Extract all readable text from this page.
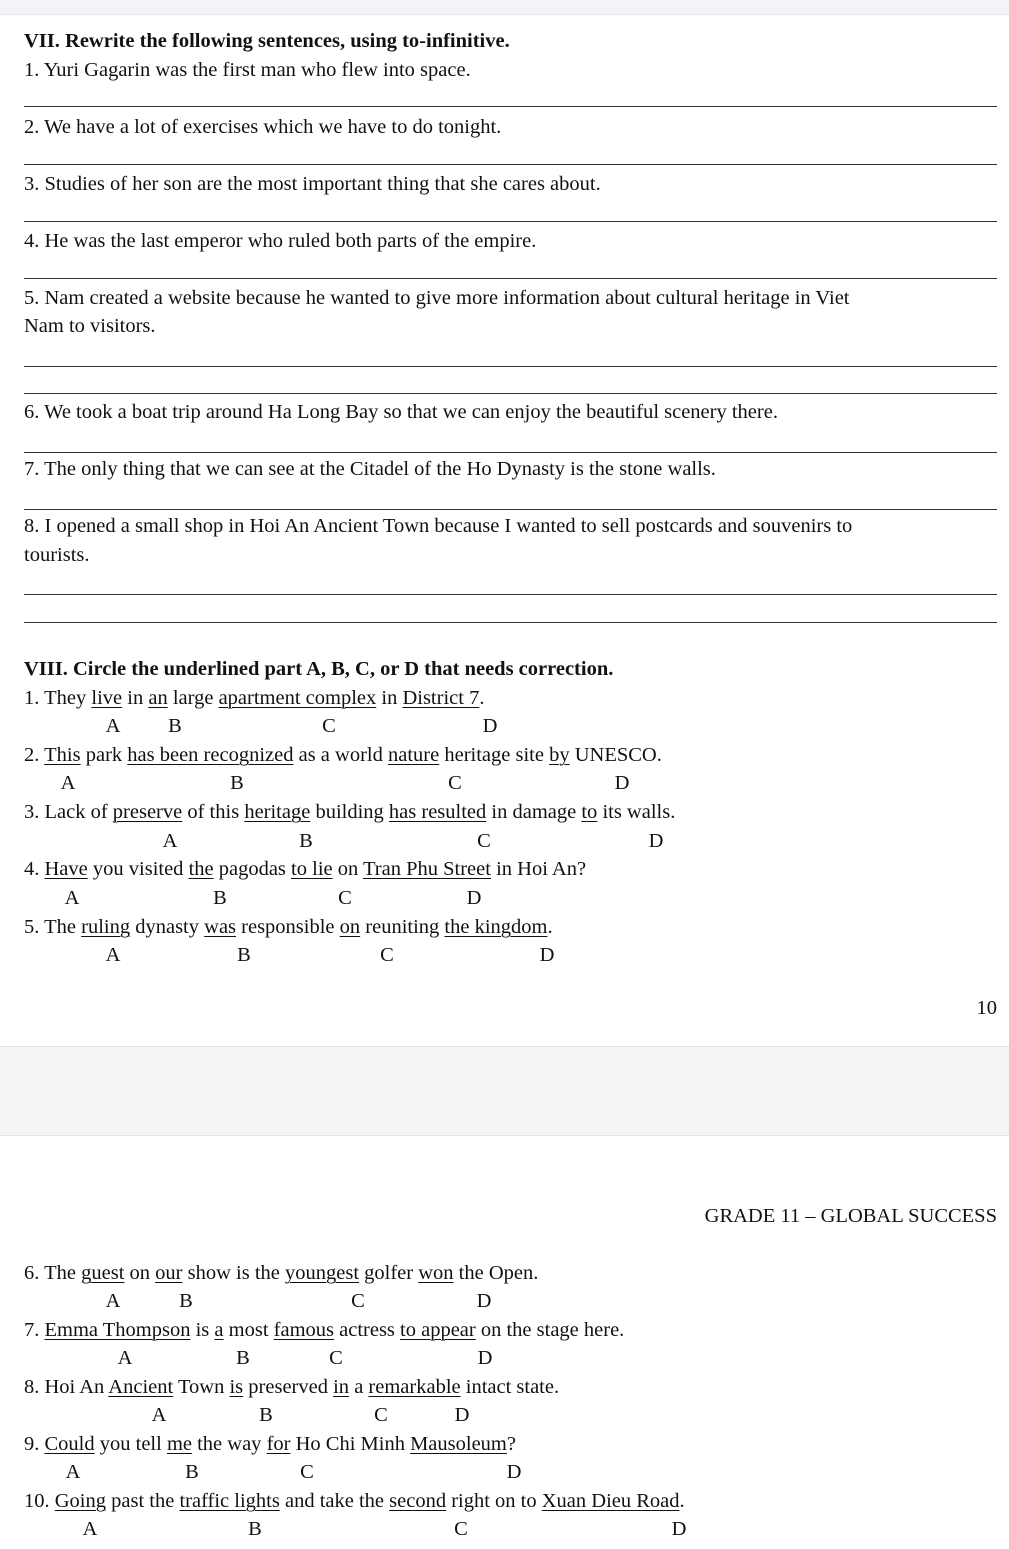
VII. Rewrite the following sentences, using to-infinitive.
1. Yuri Gagarin was the first man who flew into space.
2. We have a lot of exercises which we have to do tonight.
3. Studies of her son are the most important thing that she cares about.
4. He was the last emperor who ruled both parts of the empire.
5. Nam created a website because he wanted to give more information about cultural heritage in Viet
Nam to visitors.
6. We took a boat trip around Ha Long Bay so that we can enjoy the beautiful scenery there.
7. The only thing that we can see at the Citadel of the Ho Dynasty is the stone walls.
8. I opened a small shop in Hoi An Ancient Town because I wanted to sell postcards and souvenirs to
tourists.
VIII. Circle the underlined part A, B, C, or D that needs correction.
1. They live in an large apartment complex in District 7.
A B	C	D
2. This park has been recognized as a world nature heritage site by UNESCO.
A	B	C	D
3. Lack of preserve of this heritage building has resulted in damage to its walls.
A	B	C	D
4. Have you visited the pagodas to lie on Tran Phu Street in Hoi An?
A	B	C	D
5. The ruling dynasty was responsible on reuniting the kingdom.
A	B	C	D
10
GRADE 11 – GLOBAL SUCCESS
6. The guest on our show is the youngest golfer won the Open.
A	B	C	D
7. Emma Thompson is a most famous actress to appear on the stage here.
A	B	C	D
8. Hoi An Ancient Town is preserved in a remarkable intact state.
A	B	C	D
9. Could you tell me the way for Ho Chi Minh Mausoleum?
A	B	C	D
10. Going past the traffic lights and take the second right on to Xuan Dieu Road.
A	B	C	D
